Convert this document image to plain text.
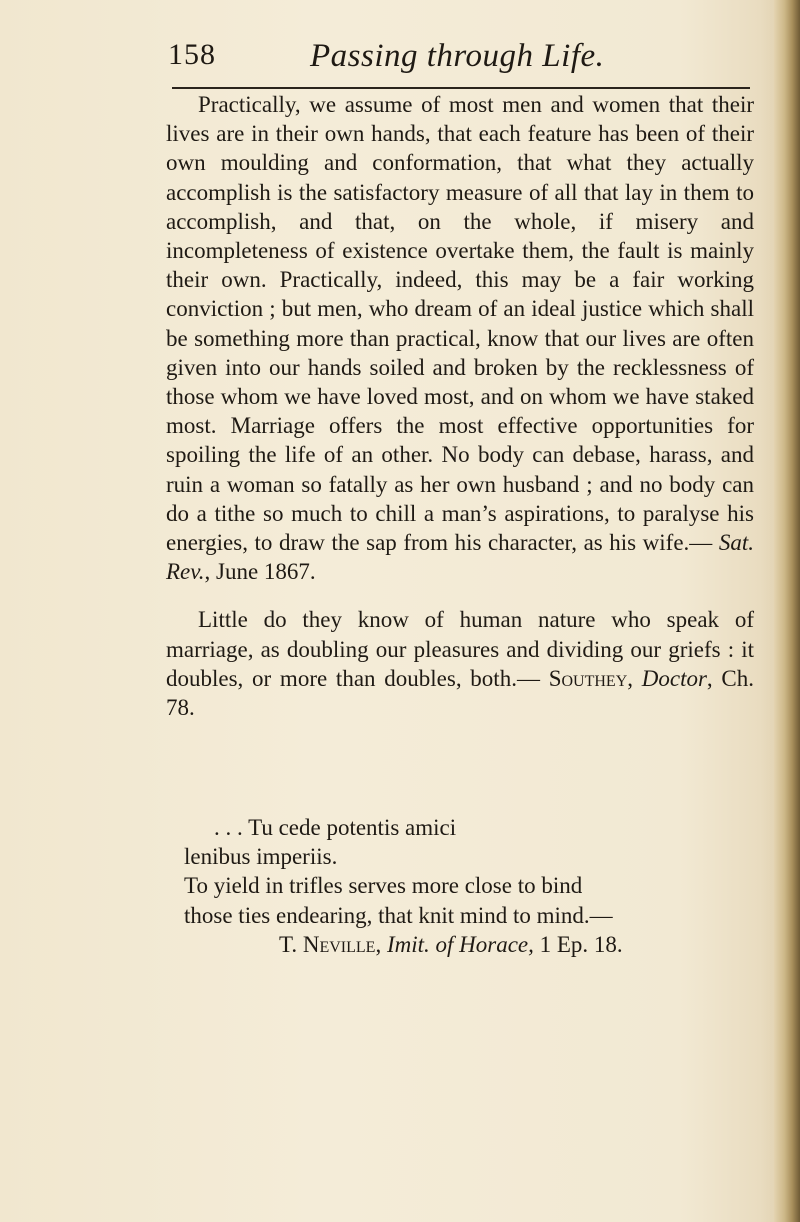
158	Passing through Life.

Practically, we assume of most men and women that their lives are in their own hands, that each feature has been of their own moulding and conformation, that what they actually accomplish is the satisfactory measure of all that lay in them to accomplish, and that, on the whole, if misery and incompleteness of existence overtake them, the fault is mainly their own. Practically, indeed, this may be a fair working conviction ; but men, who dream of an ideal justice which shall be something more than practical, know that our lives are often given into our hands soiled and broken by the recklessness of those whom we have loved most, and on whom we have staked most. Marriage offers the most effective opportunities for spoiling the life of an other. No body can debase, harass, and ruin a woman so fatally as her own husband ; and no body can do a tithe so much to chill a man’s aspirations, to paralyse his energies, to draw the sap from his character, as his wife.— Sat. Rev., June 1867.

Little do they know of human nature who speak of marriage, as doubling our pleasures and dividing our griefs : it doubles, or more than doubles, both.— Southey, Doctor, Ch. 78.

. . . Tu cede potentis amici
lenibus imperiis.
To yield in trifles serves more close to bind
those ties endearing, that knit mind to mind.—
T. Neville, Imit. of Horace, 1 Ep. 18.
